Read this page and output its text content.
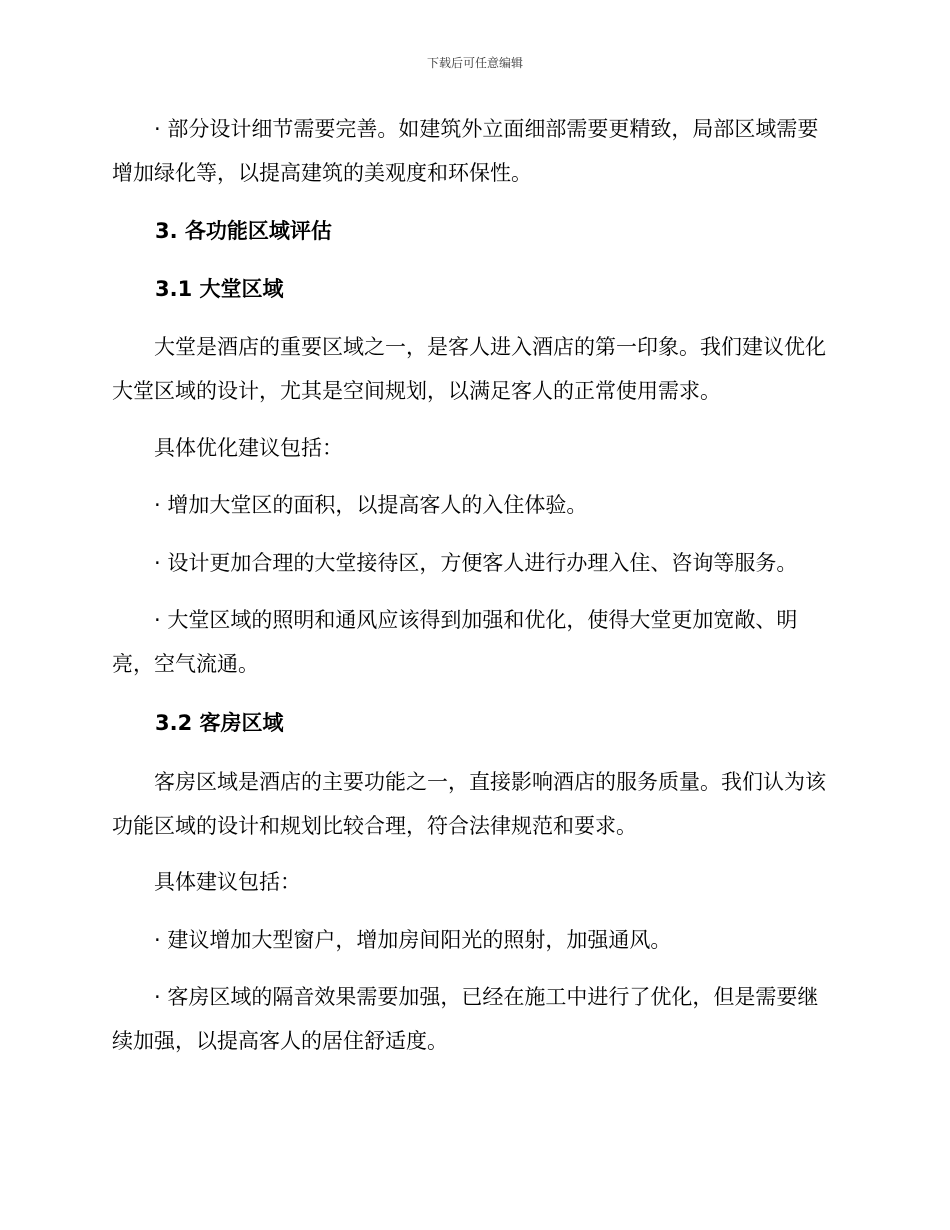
下载后可任意编辑

· 部分设计细节需要完善。如建筑外立面细部需要更精致，局部区域需要增加绿化等，以提高建筑的美观度和环保性。

3. 各功能区域评估
3.1 大堂区域

大堂是酒店的重要区域之一，是客人进入酒店的第一印象。我们建议优化大堂区域的设计，尤其是空间规划，以满足客人的正常使用需求。

具体优化建议包括：

· 增加大堂区的面积，以提高客人的入住体验。

· 设计更加合理的大堂接待区，方便客人进行办理入住、咨询等服务。

· 大堂区域的照明和通风应该得到加强和优化，使得大堂更加宽敞、明亮，空气流通。

3.2 客房区域

客房区域是酒店的主要功能之一，直接影响酒店的服务质量。我们认为该功能区域的设计和规划比较合理，符合法律规范和要求。

具体建议包括：

· 建议增加大型窗户，增加房间阳光的照射，加强通风。

· 客房区域的隔音效果需要加强，已经在施工中进行了优化，但是需要继续加强，以提高客人的居住舒适度。
